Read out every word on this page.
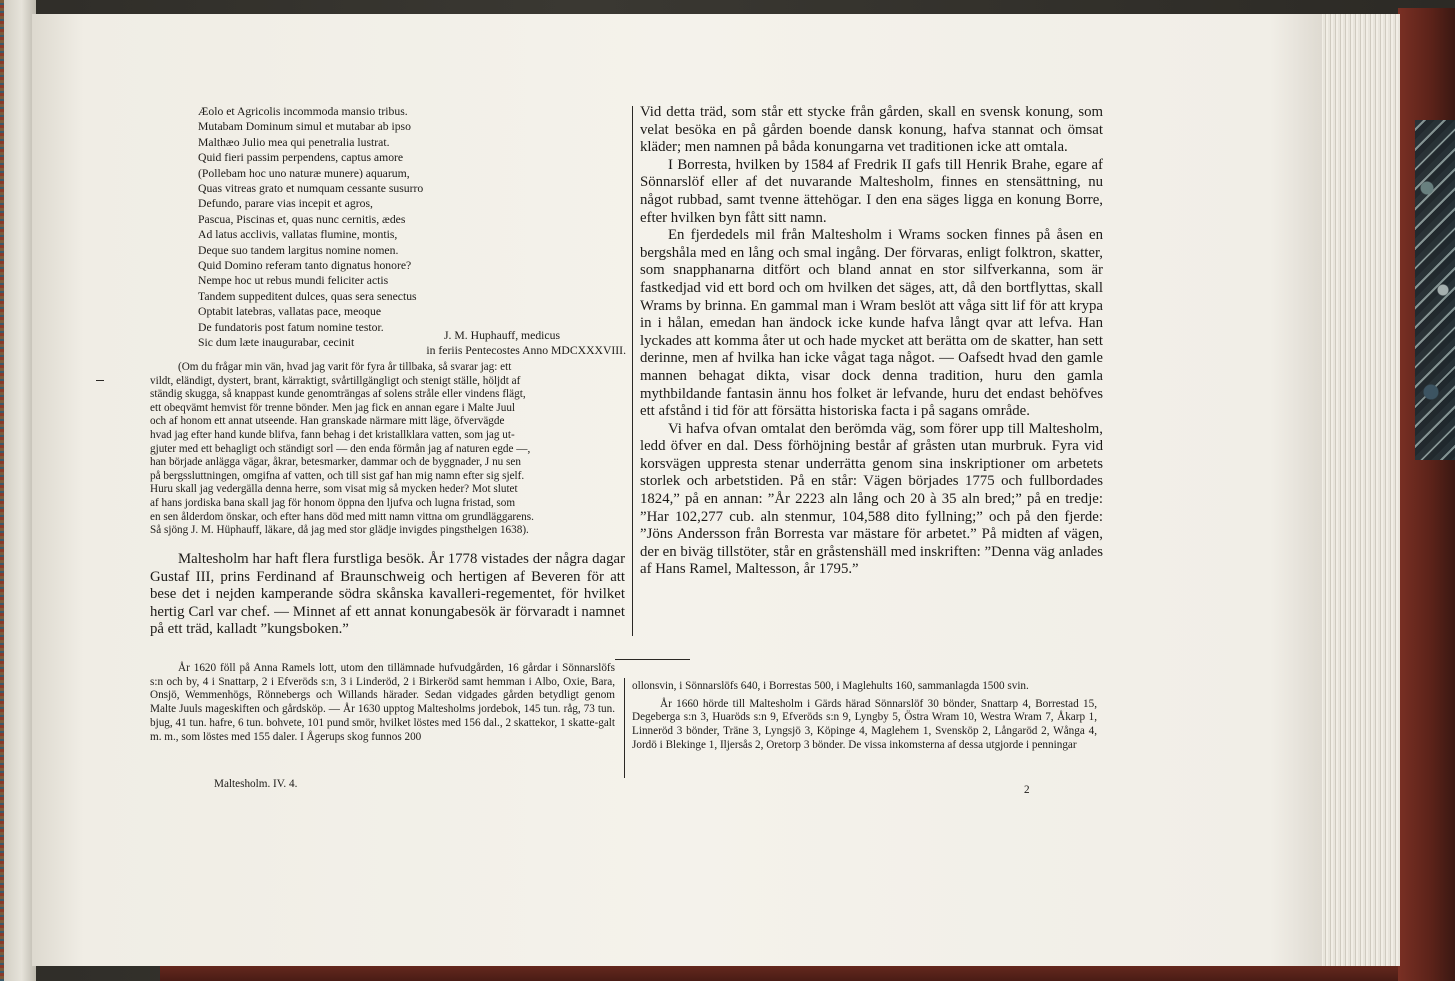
Æolo et Agricolis incommoda mansio tribus.
Mutabam Dominum simul et mutabar ab ipso
Malthæo Julio mea qui penetralia lustrat.
Quid fieri passim perpendens, captus amore
(Pollebam hoc uno naturæ munere) aquarum,
Quas vitreas grato et numquam cessante susurro
Defundo, parare vias incepit et agros,
Pascua, Piscinas et, quas nunc cernitis, ædes
Ad latus acclivis, vallatas flumine, montis,
Deque suo tandem largitus nomine nomen.
Quid Domino referam tanto dignatus honore?
Nempe hoc ut rebus mundi feliciter actis
Tandem suppeditent dulces, quas sera senectus
Optabit latebras, vallatas pace, meoque
De fundatoris post fatum nomine testor.
Sic dum læte inaugurabar, cecinit
J. M. Huphauff, medicus
in feriis Pentecostes Anno MDCXXXVIII.

(Om du frågar min vän, hvad jag varit för fyra år tillbaka, så svarar jag: ett

vildt, eländigt, dystert, brant, kärraktigt, svårtillgängligt och stenigt ställe, höljdt af

ständig skugga, så knappast kunde genomträngas af solens stråle eller vindens flägt,

ett obeqvämt hemvist för trenne bönder. Men jag fick en annan egare i Malte Juul

och af honom ett annat utseende. Han granskade närmare mitt läge, öfvervägde

hvad jag efter hand kunde blifva, fann behag i det kristallklara vatten, som jag ut-

gjuter med ett behagligt och ständigt sorl — den enda förmån jag af naturen egde —,

han började anlägga vägar, åkrar, betesmarker, dammar och de byggnader, J nu sen

på bergssluttningen, omgifna af vatten, och till sist gaf han mig namn efter sig sjelf.

Huru skall jag vedergälla denna herre, som visat mig så mycken heder? Mot slutet

af hans jordiska bana skall jag för honom öppna den ljufva och lugna fristad, som

en sen ålderdom önskar, och efter hans död med mitt namn vittna om grundläggarens.

Så sjöng J. M. Hüphauff, läkare, då jag med stor glädje invigdes pingsthelgen 1638).

Maltesholm har haft flera furstliga besök. År 1778 vistades der några dagar Gustaf III, prins Ferdinand af Braunschweig och hertigen af Beveren för att bese det i nejden kamperande södra skånska kavalleri-regementet, för hvilket hertig Carl var chef. — Minnet af ett annat konungabesök är förvaradt i namnet på ett träd, kalladt ”kungsboken.”

Vid detta träd, som står ett stycke från gården, skall en svensk konung, som velat besöka en på gården boende dansk konung, hafva stannat och ömsat kläder; men namnen på båda konungarna vet traditionen icke att omtala.

I Borresta, hvilken by 1584 af Fredrik II gafs till Henrik Brahe, egare af Sönnarslöf eller af det nuvarande Maltesholm, finnes en stensättning, nu något rubbad, samt tvenne ättehögar. I den ena säges ligga en konung Borre, efter hvilken byn fått sitt namn.

En fjerdedels mil från Maltesholm i Wrams socken finnes på åsen en bergshåla med en lång och smal ingång. Der förvaras, enligt folktron, skatter, som snapphanarna ditfört och bland annat en stor silfverkanna, som är fastkedjad vid ett bord och om hvilken det säges, att, då den bortflyttas, skall Wrams by brinna. En gammal man i Wram beslöt att våga sitt lif för att krypa in i hålan, emedan han ändock icke kunde hafva långt qvar att lefva. Han lyckades att komma åter ut och hade mycket att berätta om de skatter, han sett derinne, men af hvilka han icke vågat taga något. — Oafsedt hvad den gamle mannen behagat dikta, visar dock denna tradition, huru den gamla mythbildande fantasin ännu hos folket är lefvande, huru det endast behöfves ett afstånd i tid för att försätta historiska facta i på sagans område.

Vi hafva ofvan omtalat den berömda väg, som förer upp till Maltesholm, ledd öfver en dal. Dess förhöjning består af gråsten utan murbruk. Fyra vid korsvägen uppresta stenar underrätta genom sina inskriptioner om arbetets storlek och arbetstiden. På en står: Vägen börjades 1775 och fullbordades 1824,” på en annan: ”År 2223 aln lång och 20 à 35 aln bred;” på en tredje: ”Har 102,277 cub. aln stenmur, 104,588 dito fyllning;” och på den fjerde: ”Jöns Andersson från Borresta var mästare för arbetet.” På midten af vägen, der en biväg tillstöter, står en gråstenshäll med inskriften: ”Denna väg anlades af Hans Ramel, Maltesson, år 1795.”

År 1620 föll på Anna Ramels lott, utom den tillämnade hufvudgården, 16 gårdar i Sönnarslöfs s:n och by, 4 i Snattarp, 2 i Efveröds s:n, 3 i Linderöd, 2 i Birkeröd samt hemman i Albo, Oxie, Bara, Onsjö, Wemmenhögs, Rönnebergs och Willands härader. Sedan vidgades gården betydligt genom Malte Juuls mageskiften och gårdsköp. — År 1630 upptog Maltesholms jordebok, 145 tun. råg, 73 tun. bjug, 41 tun. hafre, 6 tun. bohvete, 101 pund smör, hvilket löstes med 156 dal., 2 skattekor, 1 skatte-galt m. m., som löstes med 155 daler. I Ågerups skog funnos 200

Maltesholm. IV. 4.

ollonsvin, i Sönnarslöfs 640, i Borrestas 500, i Maglehults 160, sammanlagda 1500 svin.

År 1660 hörde till Maltesholm i Gärds härad Sönnarslöf 30 bönder, Snattarp 4, Borrestad 15, Degeberga s:n 3, Huaröds s:n 9, Efveröds s:n 9, Lyngby 5, Östra Wram 10, Westra Wram 7, Åkarp 1, Linneröd 3 bönder, Träne 3, Lyngsjö 3, Köpinge 4, Maglehem 1, Svensköp 2, Långaröd 2, Wånga 4, Jordö i Blekinge 1, Iljersås 2, Oretorp 3 bönder. De vissa inkomsterna af dessa utgjorde i penningar

2
